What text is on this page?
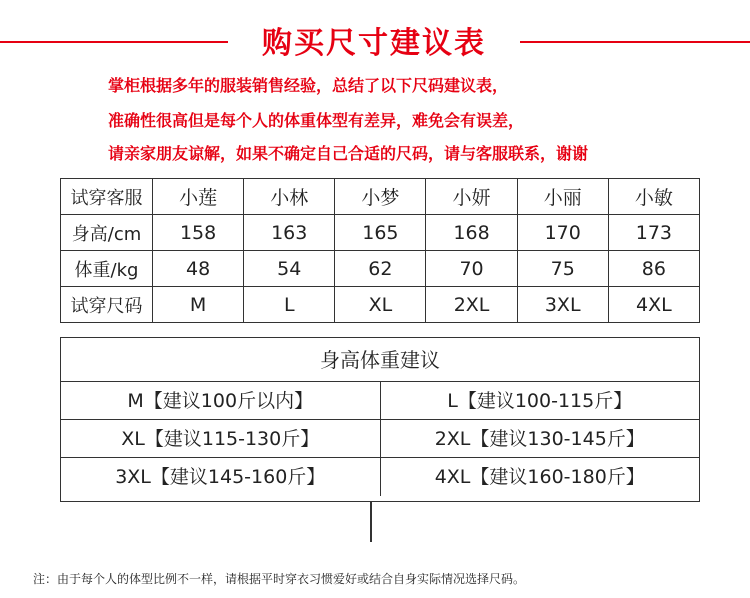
购买尺寸建议表
掌柜根据多年的服装销售经验，总结了以下尺码建议表，
准确性很高但是每个人的体重体型有差异，难免会有误差，
请亲家朋友谅解，如果不确定自己合适的尺码，请与客服联系，谢谢
试穿客服	小莲	小林	小梦	小妍	小丽	小敏
身高/cm	158	163	165	168	170	173
体重/kg	48	54	62	70	75	86
试穿尺码	M	L	XL	2XL	3XL	4XL
身高体重建议
M【建议100斤以内】	L【建议100-115斤】
XL【建议115-130斤】	2XL【建议130-145斤】
3XL【建议145-160斤】	4XL【建议160-180斤】
注：由于每个人的体型比例不一样，请根据平时穿衣习惯爱好或结合自身实际情况选择尺码。
